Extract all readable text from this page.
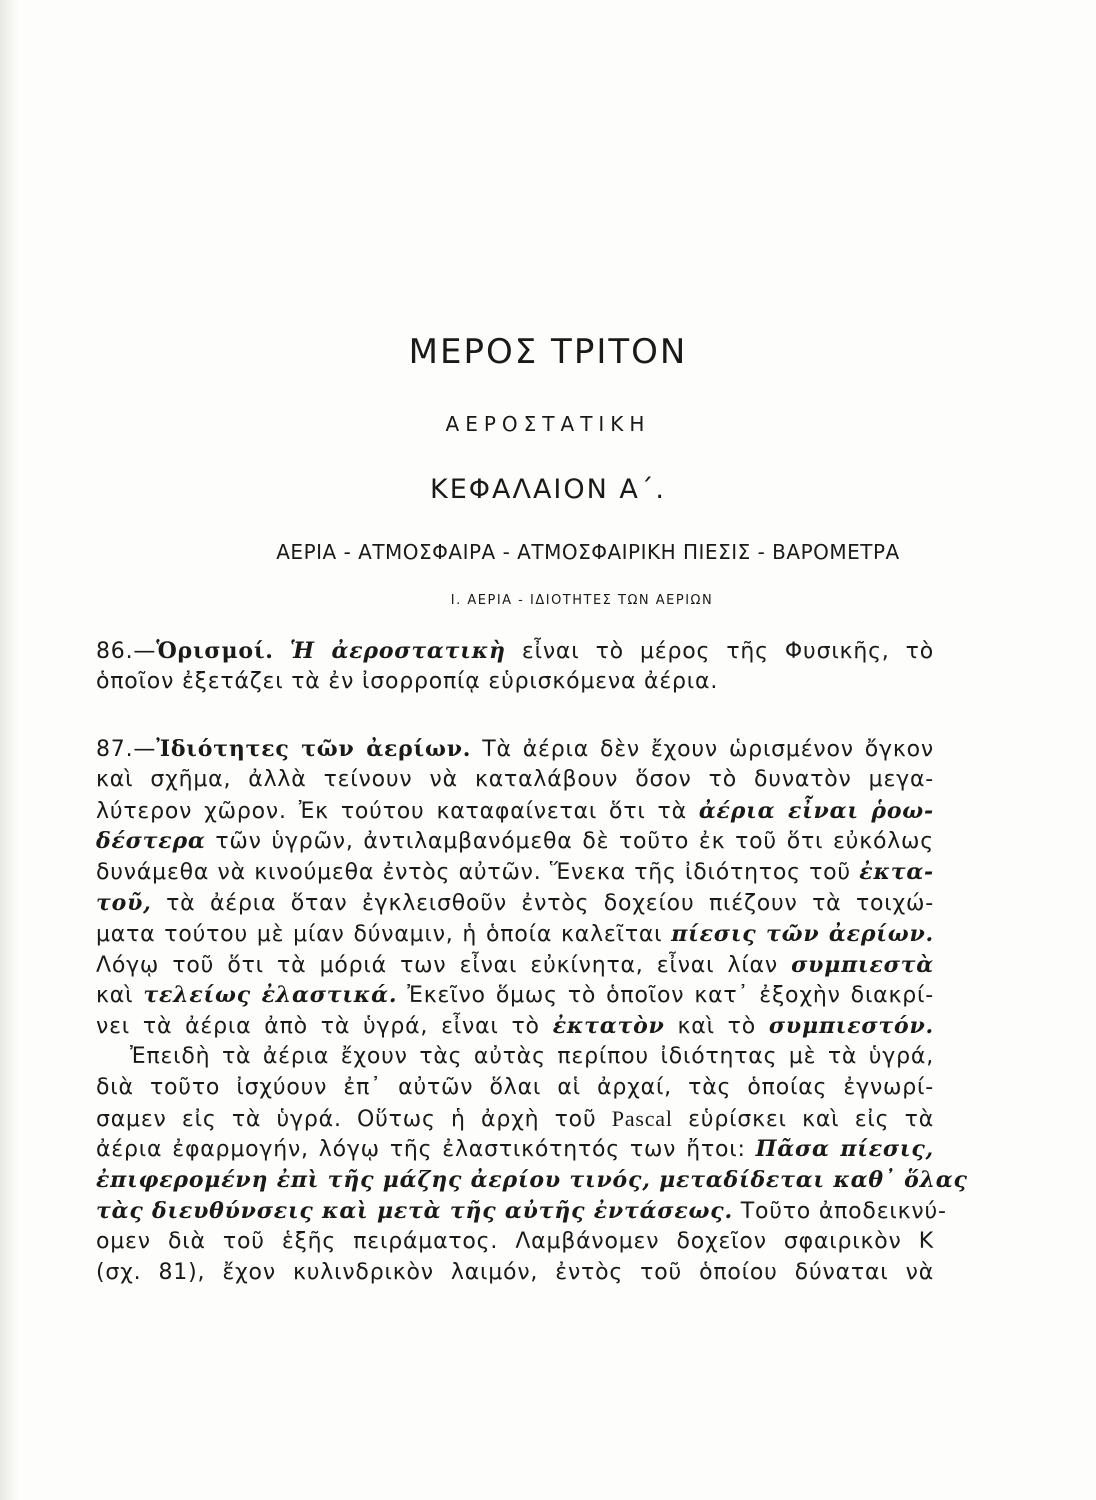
ΜΕΡΟΣ ΤΡΙΤΟΝ
ΑΕΡΟΣΤΑΤΙΚΗ
ΚΕΦΑΛΑΙΟΝ Α΄.
ΑΕΡΙΑ - ΑΤΜΟΣΦΑΙΡΑ - ΑΤΜΟΣΦΑΙΡΙΚΗ ΠΙΕΣΙΣ - ΒΑΡΟΜΕΤΡΑ
Ι. ΑΕΡΙΑ - ΙΔΙΟΤΗΤΕΣ ΤΩΝ ΑΕΡΙΩΝ
86.—Ὁρισμοί. Ἡ ἀεροστατικὴ εἶναι τὸ μέρος τῆς Φυσικῆς, τὸ
ὁποῖον ἐξετάζει τὰ ἐν ἰσορροπίᾳ εὑρισκόμενα ἀέρια.
87.—Ἰδιότητες τῶν ἀερίων. Τὰ ἀέρια δὲν ἔχουν ὡρισμένον ὄγκον
καὶ σχῆμα, ἀλλὰ τείνουν νὰ καταλάβουν ὅσον τὸ δυνατὸν μεγα-
λύτερον χῶρον. Ἐκ τούτου καταφαίνεται ὅτι τὰ ἀέρια εἶναι ῥοω-
δέστερα τῶν ὑγρῶν, ἀντιλαμβανόμεθα δὲ τοῦτο ἐκ τοῦ ὅτι εὐκόλως
δυνάμεθα νὰ κινούμεθα ἐντὸς αὐτῶν. Ἕνεκα τῆς ἰδιότητος τοῦ ἐκτα-
τοῦ, τὰ ἀέρια ὅταν ἐγκλεισθοῦν ἐντὸς δοχείου πιέζουν τὰ τοιχώ-
ματα τούτου μὲ μίαν δύναμιν, ἡ ὁποία καλεῖται πίεσις τῶν ἀερίων.
Λόγῳ τοῦ ὅτι τὰ μόριά των εἶναι εὐκίνητα, εἶναι λίαν συμπιεστὰ
καὶ τελείως ἐλαστικά. Ἐκεῖνο ὅμως τὸ ὁποῖον κατ᾿ ἐξοχὴν διακρί-
νει τὰ ἀέρια ἀπὸ τὰ ὑγρά, εἶναι τὸ ἐκτατὸν καὶ τὸ συμπιεστόν.
Ἐπειδὴ τὰ ἀέρια ἔχουν τὰς αὐτὰς περίπου ἰδιότητας μὲ τὰ ὑγρά,
διὰ τοῦτο ἰσχύουν ἐπ᾿ αὐτῶν ὅλαι αἱ ἀρχαί, τὰς ὁποίας ἐγνωρί-
σαμεν εἰς τὰ ὑγρά. Οὕτως ἡ ἀρχὴ τοῦ Pascal εὑρίσκει καὶ εἰς τὰ
ἀέρια ἐφαρμογήν, λόγῳ τῆς ἐλαστικότητός των ἤτοι: Πᾶσα πίεσις,
ἐπιφερομένη ἐπὶ τῆς μάζης ἀερίου τινός, μεταδίδεται καθ᾿ ὅλας
τὰς διευθύνσεις καὶ μετὰ τῆς αὐτῆς ἐντάσεως. Τοῦτο ἀποδεικνύ-
ομεν διὰ τοῦ ἑξῆς πειράματος. Λαμβάνομεν δοχεῖον σφαιρικὸν Κ
(σχ. 81), ἔχον κυλινδρικὸν λαιμόν, ἐντὸς τοῦ ὁποίου δύναται νὰ
